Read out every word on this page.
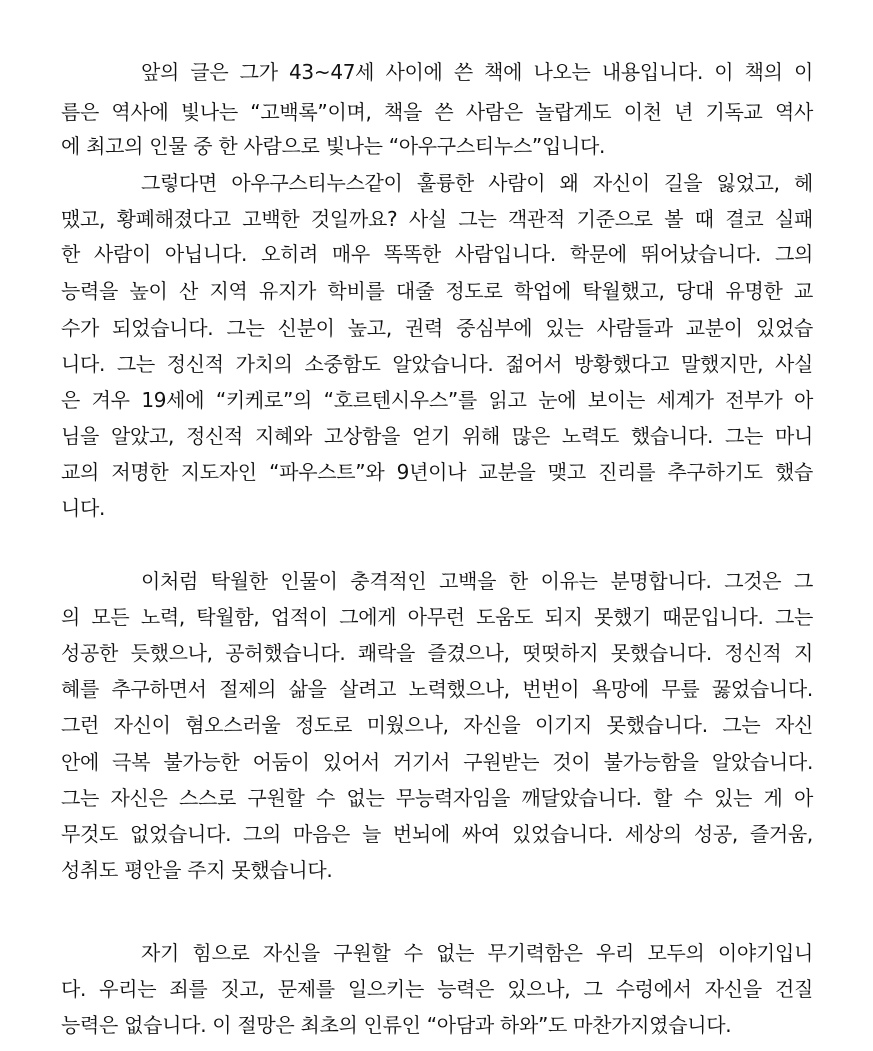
앞의 글은 그가 43~47세 사이에 쓴 책에 나오는 내용입니다. 이 책의 이
름은 역사에 빛나는 “고백록”이며, 책을 쓴 사람은 놀랍게도 이천 년 기독교 역사
에 최고의 인물 중 한 사람으로 빛나는 “아우구스티누스”입니다.
그렇다면 아우구스티누스같이 훌륭한 사람이 왜 자신이 길을 잃었고, 헤
맸고, 황폐해졌다고 고백한 것일까요? 사실 그는 객관적 기준으로 볼 때 결코 실패
한 사람이 아닙니다. 오히려 매우 똑똑한 사람입니다. 학문에 뛰어났습니다. 그의
능력을 높이 산 지역 유지가 학비를 대줄 정도로 학업에 탁월했고, 당대 유명한 교
수가 되었습니다. 그는 신분이 높고, 권력 중심부에 있는 사람들과 교분이 있었습
니다. 그는 정신적 가치의 소중함도 알았습니다. 젊어서 방황했다고 말했지만, 사실
은 겨우 19세에 “키케로”의 “호르텐시우스”를 읽고 눈에 보이는 세계가 전부가 아
님을 알았고, 정신적 지혜와 고상함을 얻기 위해 많은 노력도 했습니다. 그는 마니
교의 저명한 지도자인 “파우스트”와 9년이나 교분을 맺고 진리를 추구하기도 했습
니다.
이처럼 탁월한 인물이 충격적인 고백을 한 이유는 분명합니다. 그것은 그
의 모든 노력, 탁월함, 업적이 그에게 아무런 도움도 되지 못했기 때문입니다. 그는
성공한 듯했으나, 공허했습니다. 쾌락을 즐겼으나, 떳떳하지 못했습니다. 정신적 지
혜를 추구하면서 절제의 삶을 살려고 노력했으나, 번번이 욕망에 무릎 꿇었습니다.
그런 자신이 혐오스러울 정도로 미웠으나, 자신을 이기지 못했습니다. 그는 자신
안에 극복 불가능한 어둠이 있어서 거기서 구원받는 것이 불가능함을 알았습니다.
그는 자신은 스스로 구원할 수 없는 무능력자임을 깨달았습니다. 할 수 있는 게 아
무것도 없었습니다. 그의 마음은 늘 번뇌에 싸여 있었습니다. 세상의 성공, 즐거움,
성취도 평안을 주지 못했습니다.
자기 힘으로 자신을 구원할 수 없는 무기력함은 우리 모두의 이야기입니
다. 우리는 죄를 짓고, 문제를 일으키는 능력은 있으나, 그 수렁에서 자신을 건질
능력은 없습니다. 이 절망은 최초의 인류인 “아담과 하와”도 마찬가지였습니다.
